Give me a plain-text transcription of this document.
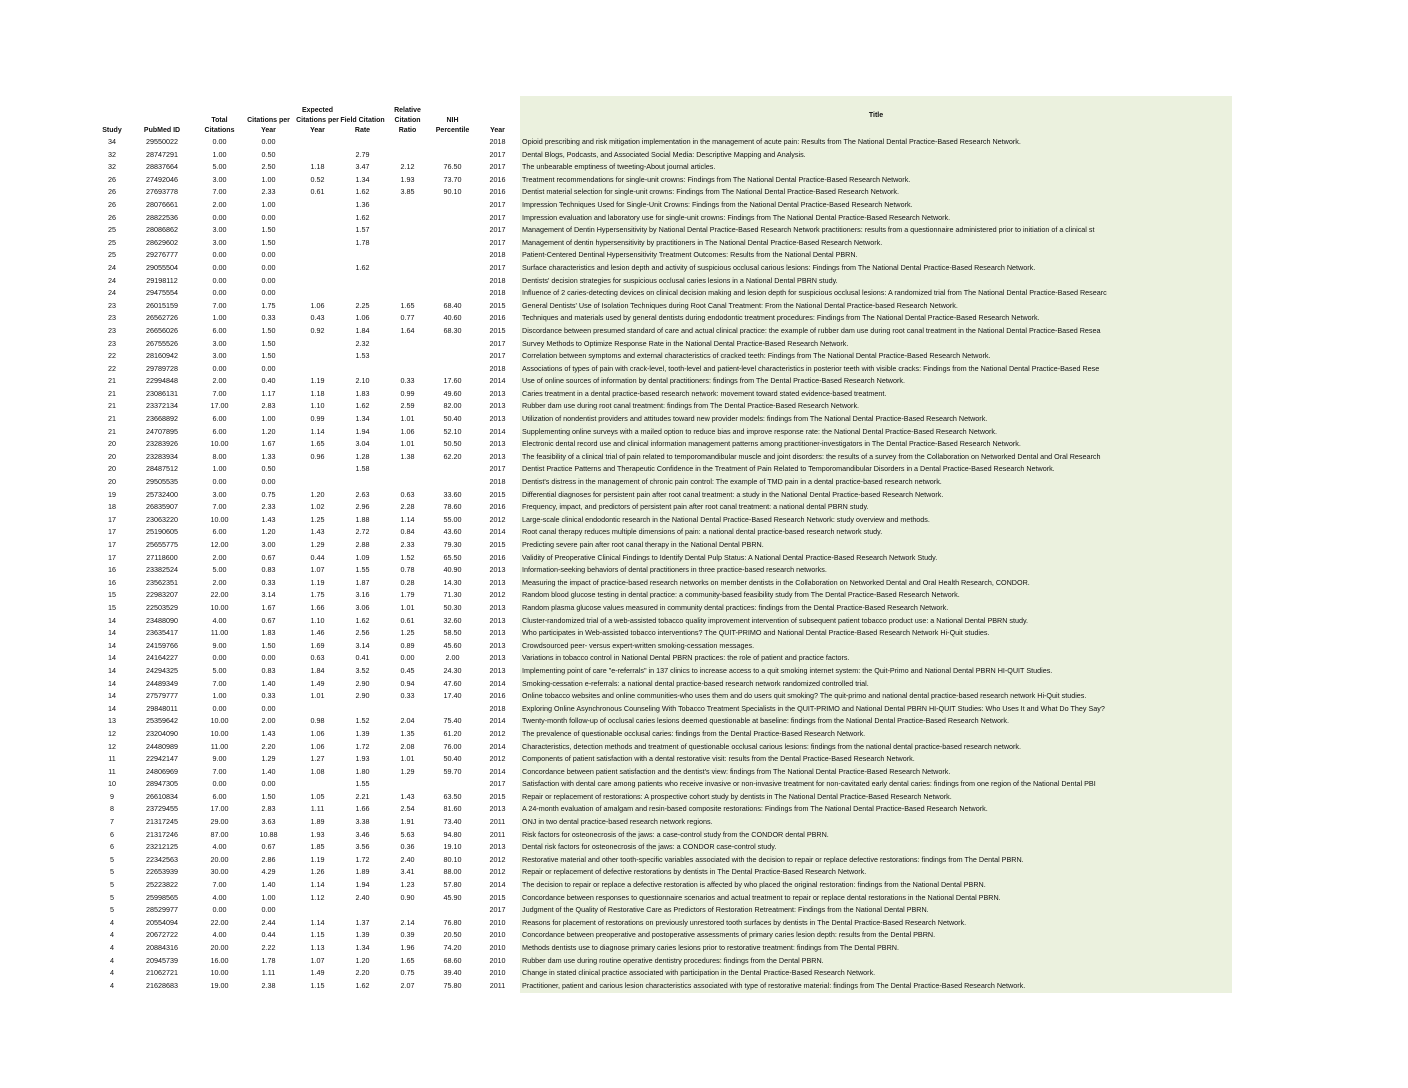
Study	PubMed ID	Total Citations	Citations per Year	Expected Citations per Year	Field Citation Rate	Relative Citation Ratio	NIH Percentile	Year	Title
34	29550022	0.00	0.00					2018	Opioid prescribing and risk mitigation implementation in the management of acute pain: Results from The National Dental Practice-Based Research Network.
32	28747291	1.00	0.50		2.79			2017	Dental Blogs, Podcasts, and Associated Social Media: Descriptive Mapping and Analysis.
32	28837664	5.00	2.50	1.18	3.47	2.12	76.50	2017	The unbearable emptiness of tweeting-About journal articles.
26	27492046	3.00	1.00	0.52	1.34	1.93	73.70	2016	Treatment recommendations for single-unit crowns: Findings from The National Dental Practice-Based Research Network.
26	27693778	7.00	2.33	0.61	1.62	3.85	90.10	2016	Dentist material selection for single-unit crowns: Findings from The National Dental Practice-Based Research Network.
26	28076661	2.00	1.00		1.36			2017	Impression Techniques Used for Single-Unit Crowns: Findings from the National Dental Practice-Based Research Network.
26	28822536	0.00	0.00		1.62			2017	Impression evaluation and laboratory use for single-unit crowns: Findings from The National Dental Practice-Based Research Network.
25	28086862	3.00	1.50		1.57			2017	Management of Dentin Hypersensitivity by National Dental Practice-Based Research Network practitioners: results from a questionnaire administered prior to initiation of a clinical st
25	28629602	3.00	1.50		1.78			2017	Management of dentin hypersensitivity by practitioners in The National Dental Practice-Based Research Network.
25	29276777	0.00	0.00					2018	Patient-Centered Dentinal Hypersensitivity Treatment Outcomes: Results from the National Dental PBRN.
24	29055504	0.00	0.00		1.62			2017	Surface characteristics and lesion depth and activity of suspicious occlusal carious lesions: Findings from The National Dental Practice-Based Research Network.
24	29198112	0.00	0.00					2018	Dentists' decision strategies for suspicious occlusal caries lesions in a National Dental PBRN study.
24	29475554	0.00	0.00					2018	Influence of 2 caries-detecting devices on clinical decision making and lesion depth for suspicious occlusal lesions: A randomized trial from The National Dental Practice-Based Researc
23	26015159	7.00	1.75	1.06	2.25	1.65	68.40	2015	General Dentists' Use of Isolation Techniques during Root Canal Treatment: From the National Dental Practice-based Research Network.
23	26562726	1.00	0.33	0.43	1.06	0.77	40.60	2016	Techniques and materials used by general dentists during endodontic treatment procedures: Findings from The National Dental Practice-Based Research Network.
23	26656026	6.00	1.50	0.92	1.84	1.64	68.30	2015	Discordance between presumed standard of care and actual clinical practice: the example of rubber dam use during root canal treatment in the National Dental Practice-Based Resea
23	26755526	3.00	1.50		2.32			2017	Survey Methods to Optimize Response Rate in the National Dental Practice-Based Research Network.
22	28160942	3.00	1.50		1.53			2017	Correlation between symptoms and external characteristics of cracked teeth: Findings from The National Dental Practice-Based Research Network.
22	29789728	0.00	0.00					2018	Associations of types of pain with crack-level, tooth-level and patient-level characteristics in posterior teeth with visible cracks: Findings from the National Dental Practice-Based Rese
21	22994848	2.00	0.40	1.19	2.10	0.33	17.60	2014	Use of online sources of information by dental practitioners: findings from The Dental Practice-Based Research Network.
21	23086131	7.00	1.17	1.18	1.83	0.99	49.60	2013	Caries treatment in a dental practice-based research network: movement toward stated evidence-based treatment.
21	23372134	17.00	2.83	1.10	1.62	2.59	82.00	2013	Rubber dam use during root canal treatment: findings from The Dental Practice-Based Research Network.
21	23668892	6.00	1.00	0.99	1.34	1.01	50.40	2013	Utilization of nondentist providers and attitudes toward new provider models: findings from The National Dental Practice-Based Research Network.
21	24707895	6.00	1.20	1.14	1.94	1.06	52.10	2014	Supplementing online surveys with a mailed option to reduce bias and improve response rate: the National Dental Practice-Based Research Network.
20	23283926	10.00	1.67	1.65	3.04	1.01	50.50	2013	Electronic dental record use and clinical information management patterns among practitioner-investigators in The Dental Practice-Based Research Network.
20	23283934	8.00	1.33	0.96	1.28	1.38	62.20	2013	The feasibility of a clinical trial of pain related to temporomandibular muscle and joint disorders: the results of a survey from the Collaboration on Networked Dental and Oral Research
20	28487512	1.00	0.50		1.58			2017	Dentist Practice Patterns and Therapeutic Confidence in the Treatment of Pain Related to Temporomandibular Disorders in a Dental Practice-Based Research Network.
20	29505535	0.00	0.00					2018	Dentist's distress in the management of chronic pain control: The example of TMD pain in a dental practice-based research network.
19	25732400	3.00	0.75	1.20	2.63	0.63	33.60	2015	Differential diagnoses for persistent pain after root canal treatment: a study in the National Dental Practice-based Research Network.
18	26835907	7.00	2.33	1.02	2.96	2.28	78.60	2016	Frequency, impact, and predictors of persistent pain after root canal treatment: a national dental PBRN study.
17	23063220	10.00	1.43	1.25	1.88	1.14	55.00	2012	Large-scale clinical endodontic research in the National Dental Practice-Based Research Network: study overview and methods.
17	25190605	6.00	1.20	1.43	2.72	0.84	43.60	2014	Root canal therapy reduces multiple dimensions of pain: a national dental practice-based research network study.
17	25655775	12.00	3.00	1.29	2.88	2.33	79.30	2015	Predicting severe pain after root canal therapy in the National Dental PBRN.
17	27118600	2.00	0.67	0.44	1.09	1.52	65.50	2016	Validity of Preoperative Clinical Findings to Identify Dental Pulp Status: A National Dental Practice-Based Research Network Study.
16	23382524	5.00	0.83	1.07	1.55	0.78	40.90	2013	Information-seeking behaviors of dental practitioners in three practice-based research networks.
16	23562351	2.00	0.33	1.19	1.87	0.28	14.30	2013	Measuring the impact of practice-based research networks on member dentists in the Collaboration on Networked Dental and Oral Health Research, CONDOR.
15	22983207	22.00	3.14	1.75	3.16	1.79	71.30	2012	Random blood glucose testing in dental practice: a community-based feasibility study from The Dental Practice-Based Research Network.
15	22503529	10.00	1.67	1.66	3.06	1.01	50.30	2013	Random plasma glucose values measured in community dental practices: findings from the Dental Practice-Based Research Network.
14	23488090	4.00	0.67	1.10	1.62	0.61	32.60	2013	Cluster-randomized trial of a web-assisted tobacco quality improvement intervention of subsequent patient tobacco product use: a National Dental PBRN study.
14	23635417	11.00	1.83	1.46	2.56	1.25	58.50	2013	Who participates in Web-assisted tobacco interventions? The QUIT-PRIMO and National Dental Practice-Based Research Network Hi-Quit studies.
14	24159766	9.00	1.50	1.69	3.14	0.89	45.60	2013	Crowdsourced peer- versus expert-written smoking-cessation messages.
14	24164227	0.00	0.00	0.63	0.41	0.00	2.00	2013	Variations in tobacco control in National Dental PBRN practices: the role of patient and practice factors.
14	24294325	5.00	0.83	1.84	3.52	0.45	24.30	2013	Implementing point of care "e-referrals" in 137 clinics to increase access to a quit smoking internet system: the Quit-Primo and National Dental PBRN HI-QUIT Studies.
14	24489349	7.00	1.40	1.49	2.90	0.94	47.60	2014	Smoking-cessation e-referrals: a national dental practice-based research network randomized controlled trial.
14	27579777	1.00	0.33	1.01	2.90	0.33	17.40	2016	Online tobacco websites and online communities-who uses them and do users quit smoking? The quit-primo and national dental practice-based research network Hi-Quit studies.
14	29848011	0.00	0.00					2018	Exploring Online Asynchronous Counseling With Tobacco Treatment Specialists in the QUIT-PRIMO and National Dental PBRN HI-QUIT Studies: Who Uses It and What Do They Say?
13	25359642	10.00	2.00	0.98	1.52	2.04	75.40	2014	Twenty-month follow-up of occlusal caries lesions deemed questionable at baseline: findings from the National Dental Practice-Based Research Network.
12	23204090	10.00	1.43	1.06	1.39	1.35	61.20	2012	The prevalence of questionable occlusal caries: findings from the Dental Practice-Based Research Network.
12	24480989	11.00	2.20	1.06	1.72	2.08	76.00	2014	Characteristics, detection methods and treatment of questionable occlusal carious lesions: findings from the national dental practice-based research network.
11	22942147	9.00	1.29	1.27	1.93	1.01	50.40	2012	Components of patient satisfaction with a dental restorative visit: results from the Dental Practice-Based Research Network.
11	24806969	7.00	1.40	1.08	1.80	1.29	59.70	2014	Concordance between patient satisfaction and the dentist's view: findings from The National Dental Practice-Based Research Network.
10	28947305	0.00	0.00		1.55			2017	Satisfaction with dental care among patients who receive invasive or non-invasive treatment for non-cavitated early dental caries: findings from one region of the National Dental PBI
9	26610834	6.00	1.50	1.05	2.21	1.43	63.50	2015	Repair or replacement of restorations: A prospective cohort study by dentists in The National Dental Practice-Based Research Network.
8	23729455	17.00	2.83	1.11	1.66	2.54	81.60	2013	A 24-month evaluation of amalgam and resin-based composite restorations: Findings from The National Dental Practice-Based Research Network.
7	21317245	29.00	3.63	1.89	3.38	1.91	73.40	2011	ONJ in two dental practice-based research network regions.
6	21317246	87.00	10.88	1.93	3.46	5.63	94.80	2011	Risk factors for osteonecrosis of the jaws: a case-control study from the CONDOR dental PBRN.
6	23212125	4.00	0.67	1.85	3.56	0.36	19.10	2013	Dental risk factors for osteonecrosis of the jaws: a CONDOR case-control study.
5	22342563	20.00	2.86	1.19	1.72	2.40	80.10	2012	Restorative material and other tooth-specific variables associated with the decision to repair or replace defective restorations: findings from The Dental PBRN.
5	22653939	30.00	4.29	1.26	1.89	3.41	88.00	2012	Repair or replacement of defective restorations by dentists in The Dental Practice-Based Research Network.
5	25223822	7.00	1.40	1.14	1.94	1.23	57.80	2014	The decision to repair or replace a defective restoration is affected by who placed the original restoration: findings from the National Dental PBRN.
5	25998565	4.00	1.00	1.12	2.40	0.90	45.90	2015	Concordance between responses to questionnaire scenarios and actual treatment to repair or replace dental restorations in the National Dental PBRN.
5	28529977	0.00	0.00					2017	Judgment of the Quality of Restorative Care as Predictors of Restoration Retreatment: Findings from the National Dental PBRN.
4	20554094	22.00	2.44	1.14	1.37	2.14	76.80	2010	Reasons for placement of restorations on previously unrestored tooth surfaces by dentists in The Dental Practice-Based Research Network.
4	20672722	4.00	0.44	1.15	1.39	0.39	20.50	2010	Concordance between preoperative and postoperative assessments of primary caries lesion depth: results from the Dental PBRN.
4	20884316	20.00	2.22	1.13	1.34	1.96	74.20	2010	Methods dentists use to diagnose primary caries lesions prior to restorative treatment: findings from The Dental PBRN.
4	20945739	16.00	1.78	1.07	1.20	1.65	68.60	2010	Rubber dam use during routine operative dentistry procedures: findings from the Dental PBRN.
4	21062721	10.00	1.11	1.49	2.20	0.75	39.40	2010	Change in stated clinical practice associated with participation in the Dental Practice-Based Research Network.
4	21628683	19.00	2.38	1.15	1.62	2.07	75.80	2011	Practitioner, patient and carious lesion characteristics associated with type of restorative material: findings from The Dental Practice-Based Research Network.
